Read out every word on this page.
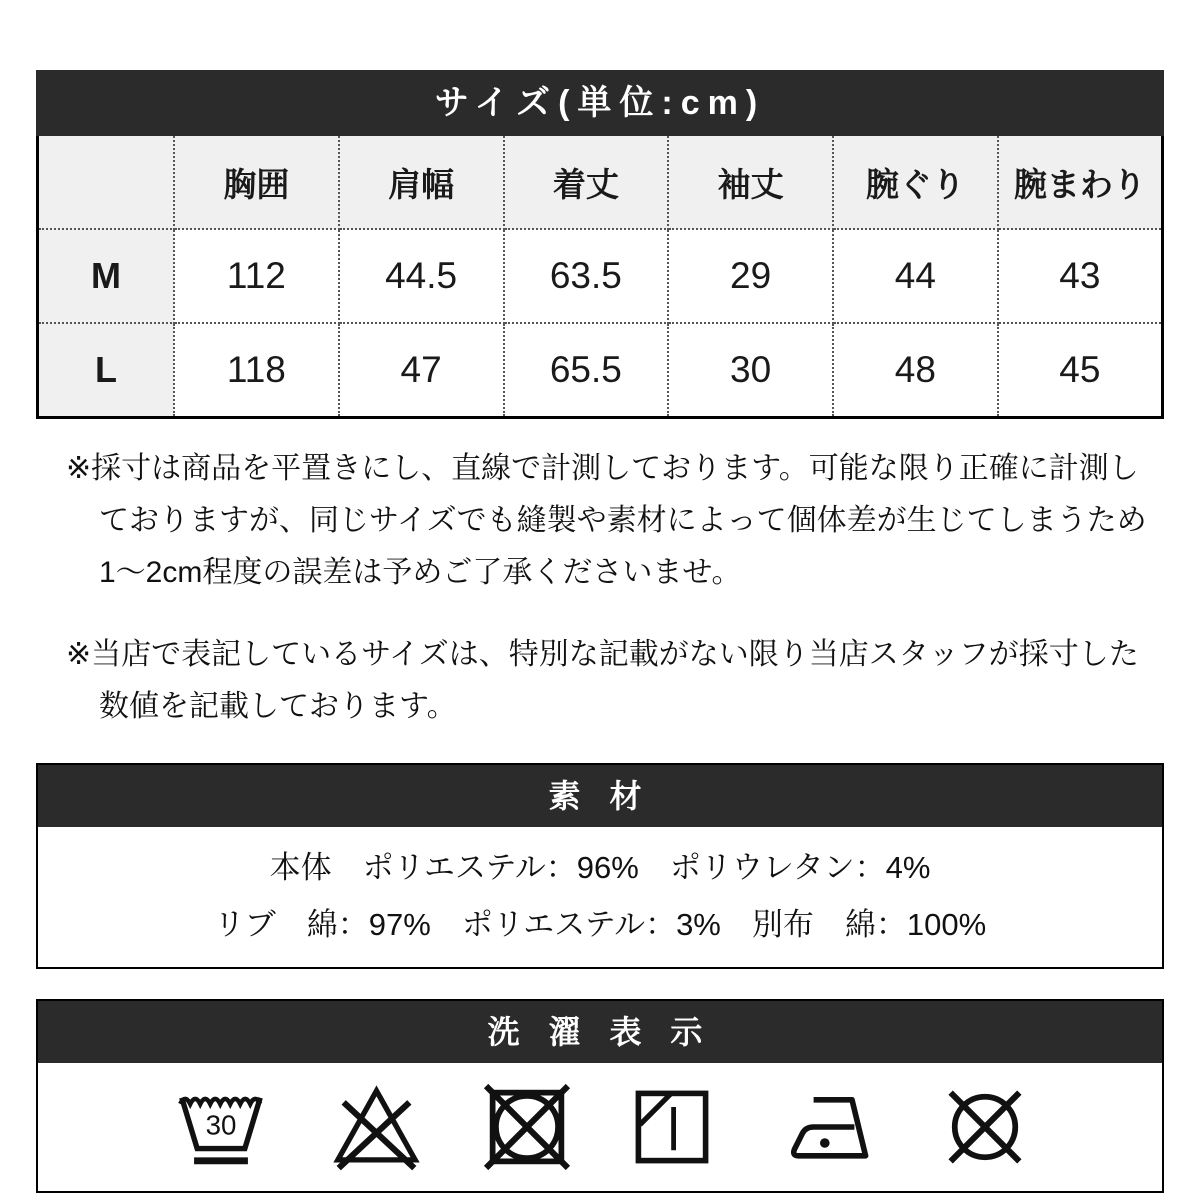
サイズ(単位:cm)
	胸囲	肩幅	着丈	袖丈	腕ぐり	腕まわり
M	112	44.5	63.5	29	44	43
L	118	47	65.5	30	48	45
※採寸は商品を平置きにし、直線で計測しております。可能な限り正確に計測し
ておりますが、同じサイズでも縫製や素材によって個体差が生じてしまうため
1〜2cm程度の誤差は予めご了承くださいませ。
※当店で表記しているサイズは、特別な記載がない限り当店スタッフが採寸した
数値を記載しております。
素 材
本体　ポリエステル：96%　ポリウレタン：4%
リブ　綿：97%　ポリエステル：3%　別布　綿：100%
洗 濯 表 示
30
